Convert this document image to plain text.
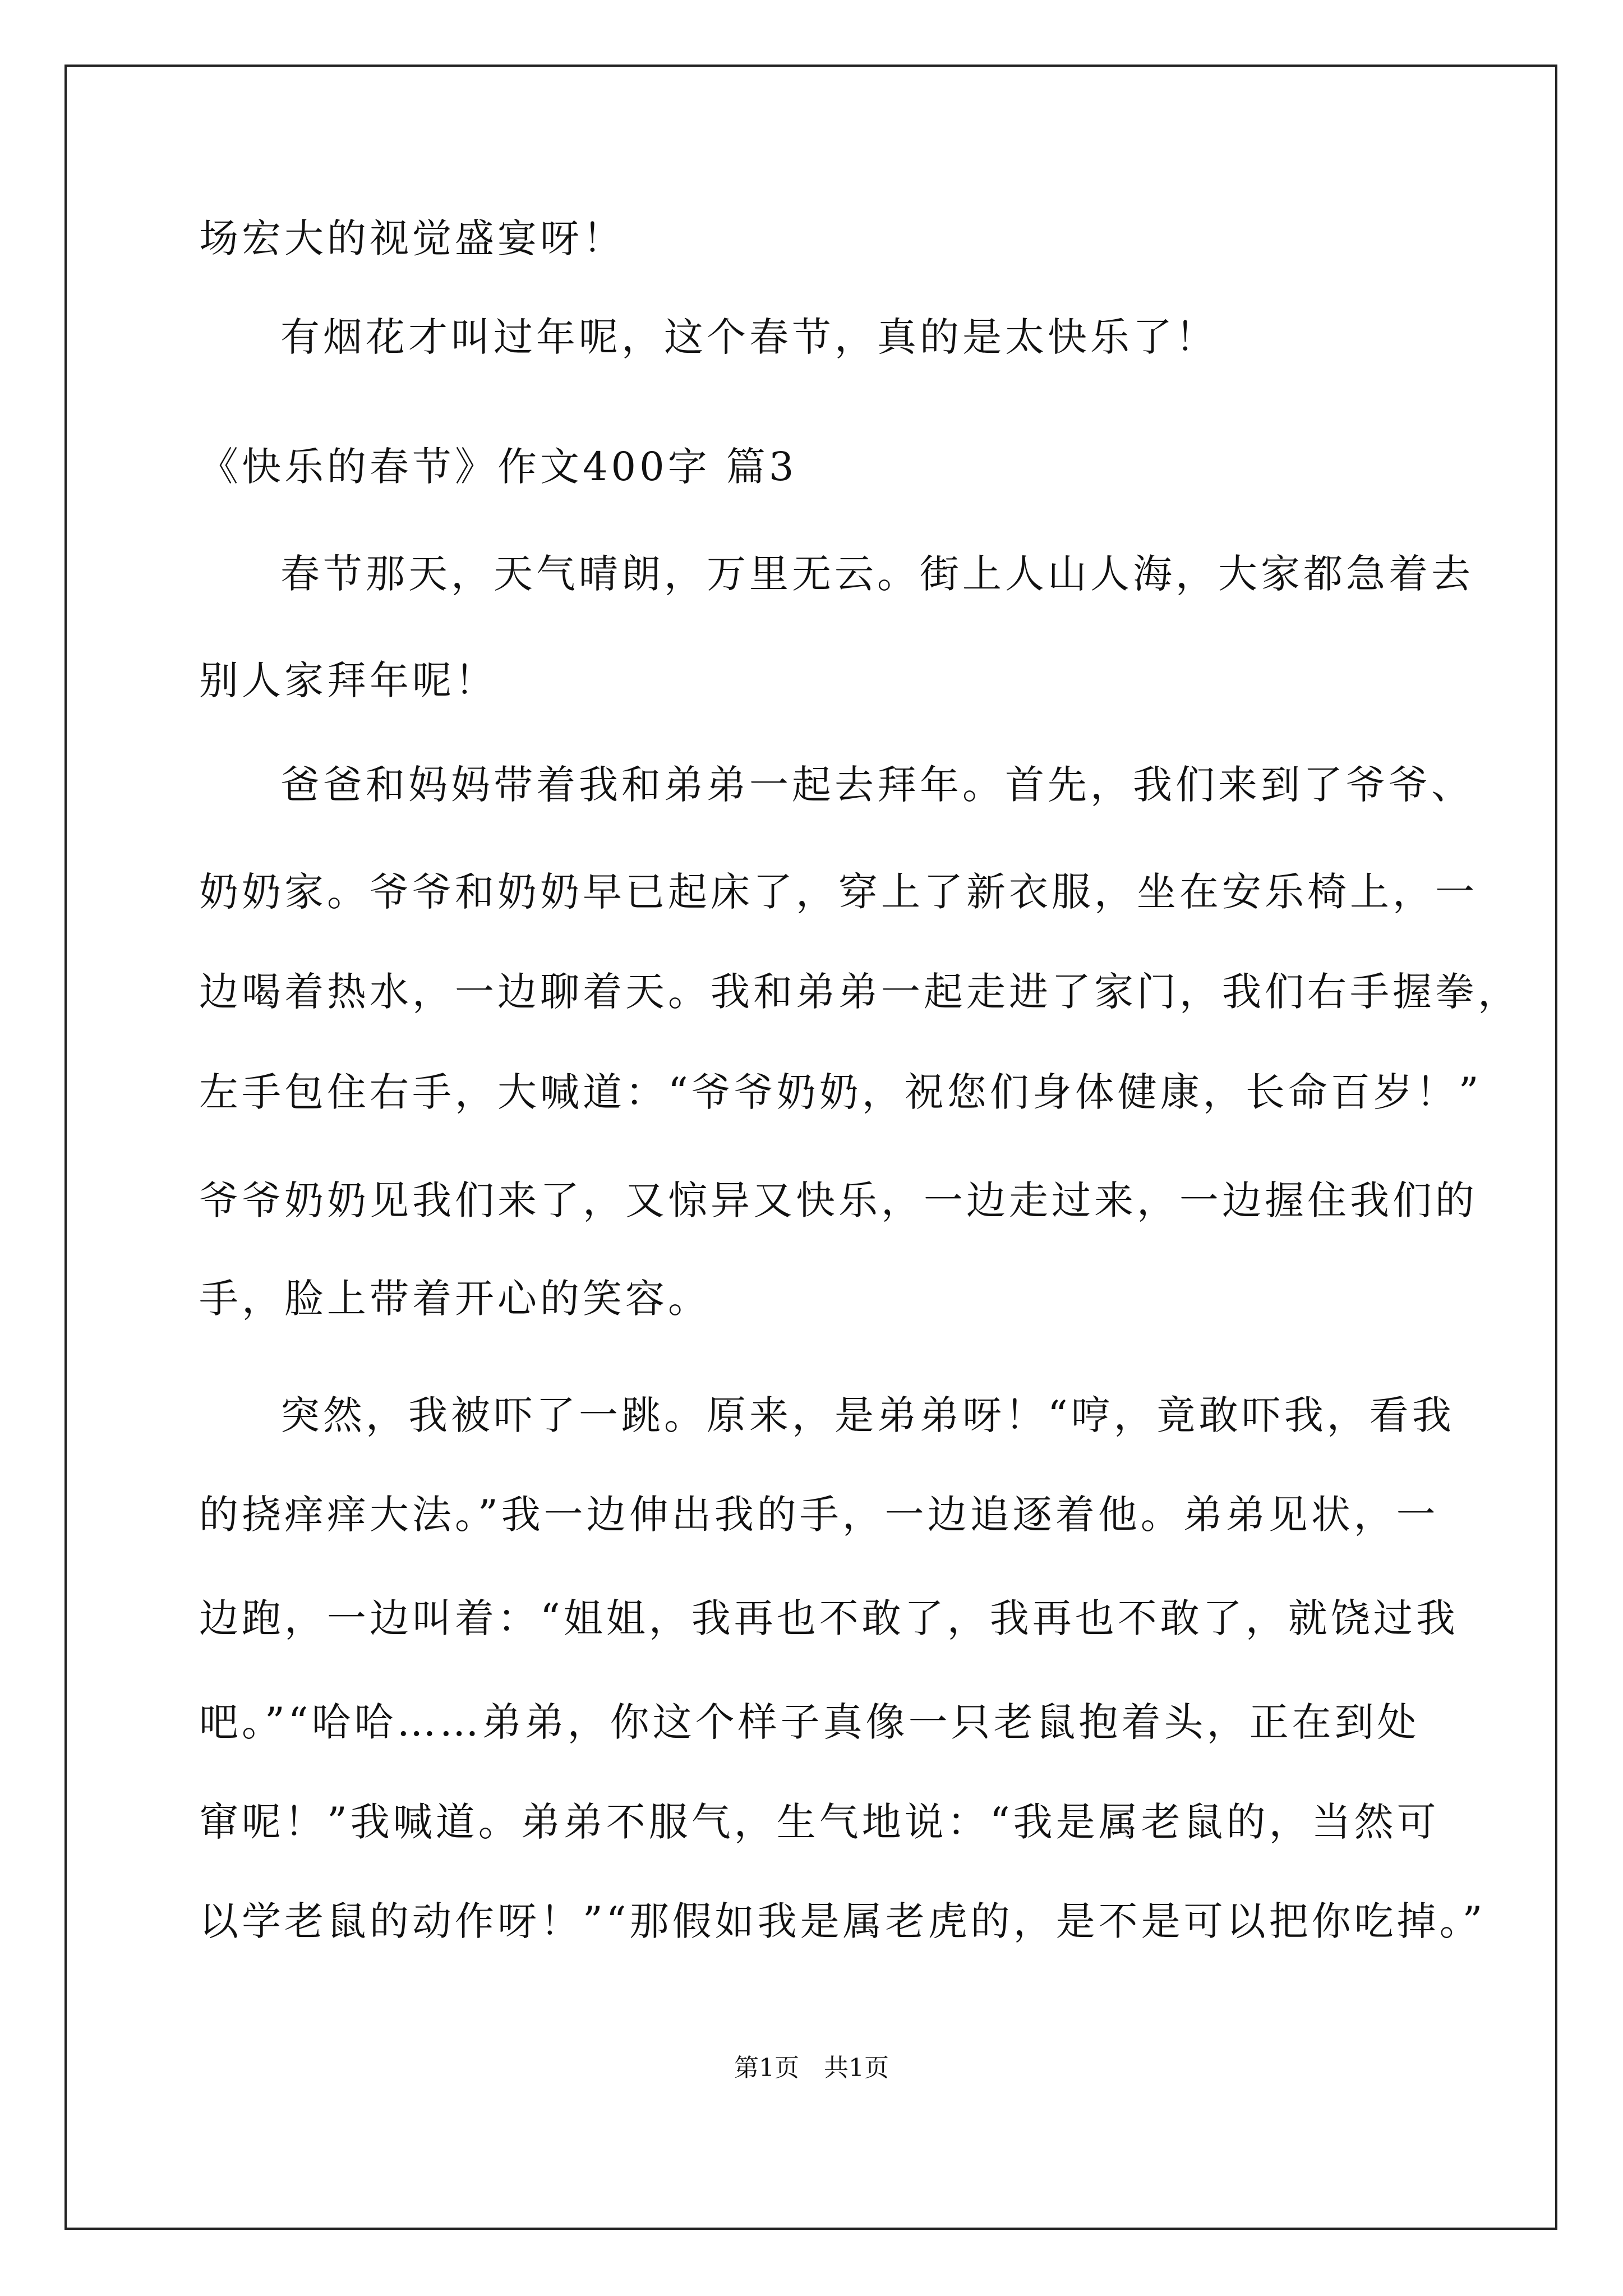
场宏大的视觉盛宴呀！
有烟花才叫过年呢，这个春节，真的是太快乐了！
《快乐的春节》作文400字 篇3
春节那天，天气晴朗，万里无云。街上人山人海，大家都急着去
别人家拜年呢！
爸爸和妈妈带着我和弟弟一起去拜年。首先，我们来到了爷爷、
奶奶家。爷爷和奶奶早已起床了，穿上了新衣服，坐在安乐椅上，一
边喝着热水，一边聊着天。我和弟弟一起走进了家门，我们右手握拳，
左手包住右手，大喊道：“爷爷奶奶，祝您们身体健康，长命百岁！”
爷爷奶奶见我们来了，又惊异又快乐，一边走过来，一边握住我们的
手，脸上带着开心的笑容。
突然，我被吓了一跳。原来，是弟弟呀！“哼，竟敢吓我，看我
的挠痒痒大法。”我一边伸出我的手，一边追逐着他。弟弟见状，一
边跑，一边叫着：“姐姐，我再也不敢了，我再也不敢了，就饶过我
吧。”“哈哈……弟弟，你这个样子真像一只老鼠抱着头，正在到处
窜呢！”我喊道。弟弟不服气，生气地说：“我是属老鼠的，当然可
以学老鼠的动作呀！”“那假如我是属老虎的，是不是可以把你吃掉。”
第1页　共1页
